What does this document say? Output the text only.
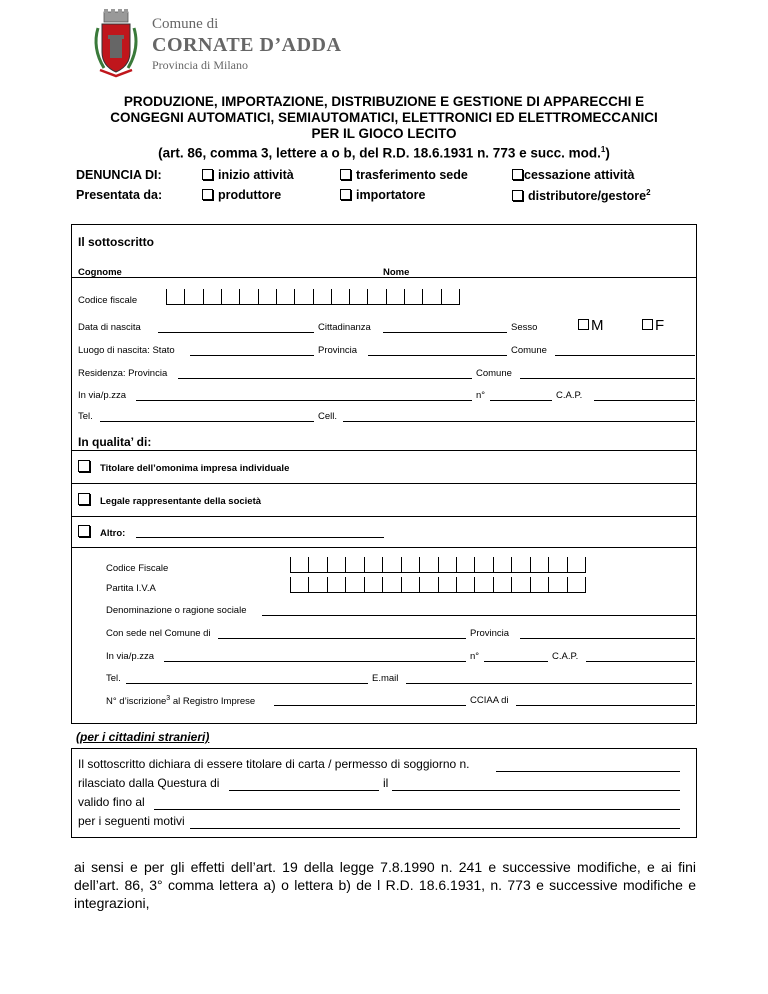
Comune di
CORNATE D’ADDA
Provincia di Milano
PRODUZIONE, IMPORTAZIONE, DISTRIBUZIONE E GESTIONE DI APPARECCHI E
CONGEGNI AUTOMATICI, SEMIAUTOMATICI, ELETTRONICI ED ELETTROMECCANICI
PER IL GIOCO LECITO
(art. 86, comma 3, lettere a o b, del R.D. 18.6.1931 n. 773 e succ. mod.$^1$)
DENUNCIA DI:	inizio attività	trasferimento sede	cessazione attività
Presentata da:	produttore	importatore	distributore/gestore$^2$
Il sottoscritto
Cognome	Nome
Codice fiscale
Data di nascita	Cittadinanza	Sesso	M	F
Luogo di nascita: Stato	Provincia	Comune
Residenza: Provincia	Comune
In via/p.zza	n°	C.A.P.
Tel.	Cell.
In qualita’ di:
Titolare dell’omonima impresa individuale
Legale rappresentante della società
Altro:
Codice Fiscale
Partita I.V.A
Denominazione o ragione sociale
Con sede nel Comune di	Provincia
In via/p.zza	n°	C.A.P.
Tel.	E.mail
N° d’iscrizione$^3$ al Registro Imprese	CCIAA di
(per i cittadini stranieri)
Il sottoscritto dichiara di essere titolare di carta / permesso di soggiorno n.
rilasciato dalla Questura di	il
valido fino al
per i seguenti motivi
ai sensi e per gli effetti dell’art. 19 della legge 7.8.1990 n. 241 e successive modifiche, e ai fini dell’art. 86, 3° comma lettera a) o lettera b) de l R.D. 18.6.1931, n. 773 e successive modifiche e integrazioni,
